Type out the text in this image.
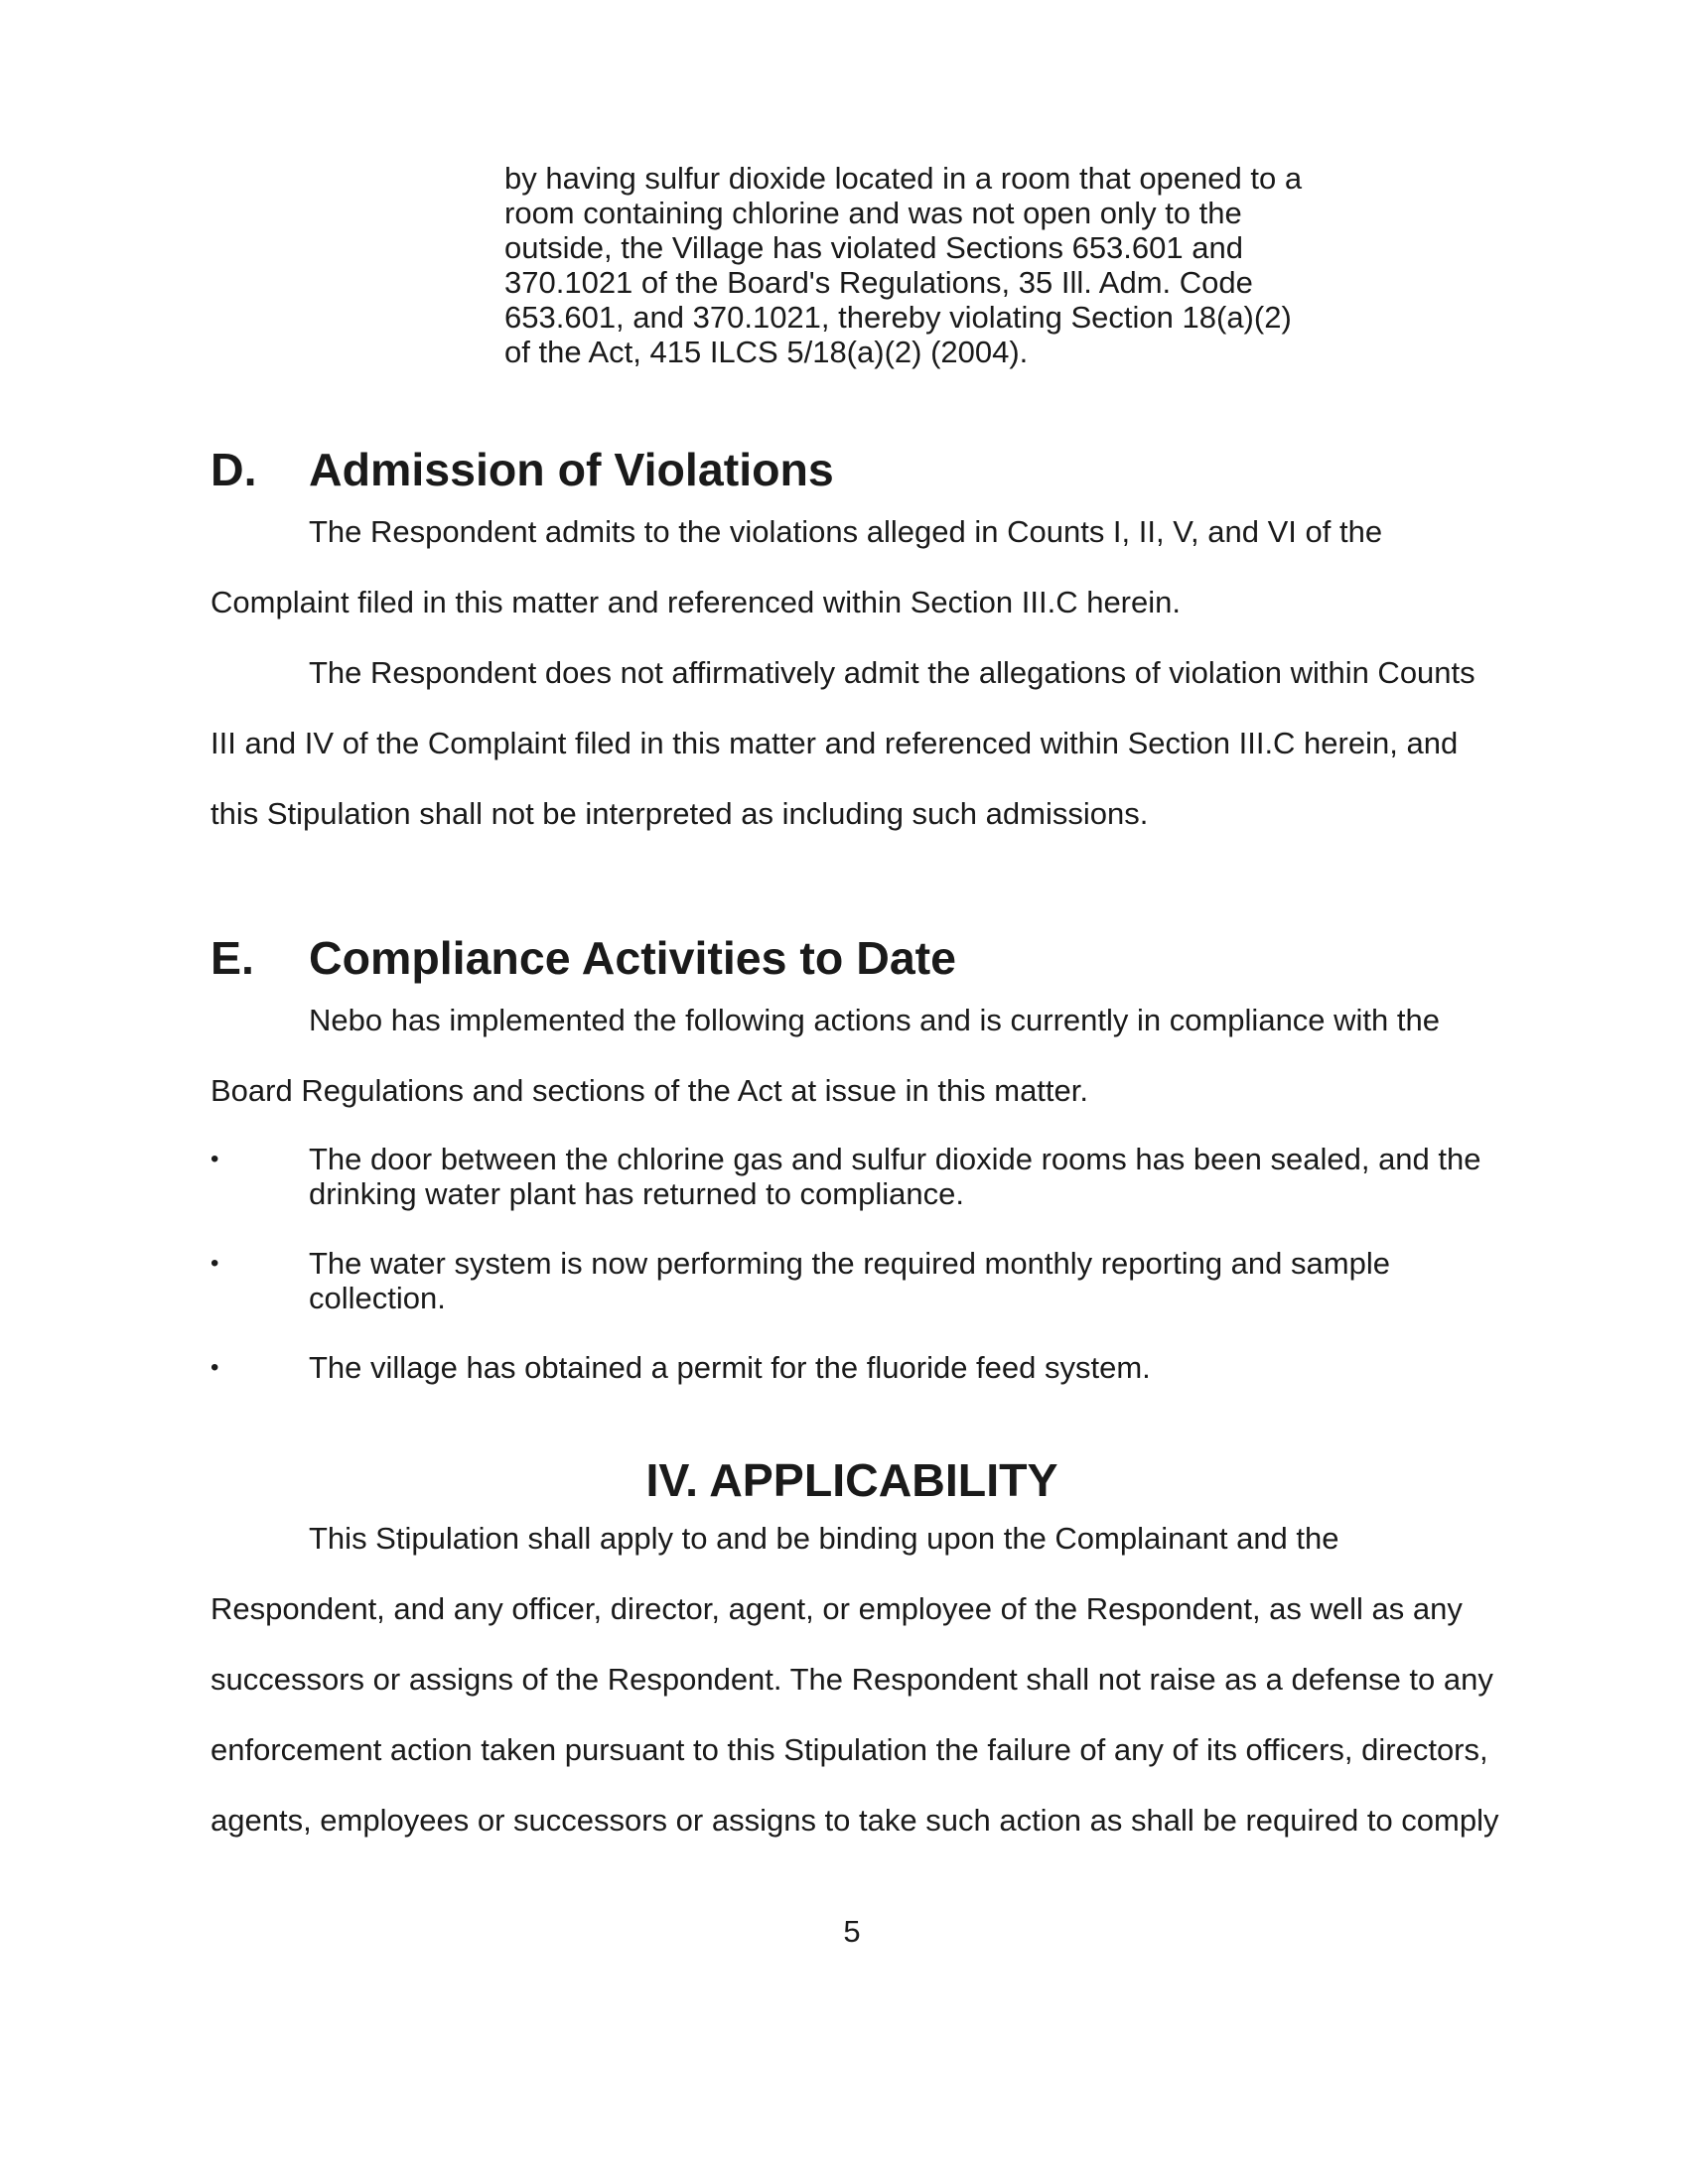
by having sulfur dioxide located in a room that opened to a room containing chlorine and was not open only to the outside, the Village has violated Sections 653.601 and 370.1021 of the Board's Regulations, 35 Ill. Adm. Code 653.601, and 370.1021, thereby violating Section 18(a)(2) of the Act, 415 ILCS 5/18(a)(2) (2004).

D. Admission of Violations

The Respondent admits to the violations alleged in Counts I, II, V, and VI of the Complaint filed in this matter and referenced within Section III.C herein.

The Respondent does not affirmatively admit the allegations of violation within Counts III and IV of the Complaint filed in this matter and referenced within Section III.C herein, and this Stipulation shall not be interpreted as including such admissions.

E. Compliance Activities to Date

Nebo has implemented the following actions and is currently in compliance with the Board Regulations and sections of the Act at issue in this matter.

•	The door between the chlorine gas and sulfur dioxide rooms has been sealed, and the drinking water plant has returned to compliance.
•	The water system is now performing the required monthly reporting and sample collection.
•	The village has obtained a permit for the fluoride feed system.
IV. APPLICABILITY

This Stipulation shall apply to and be binding upon the Complainant and the Respondent, and any officer, director, agent, or employee of the Respondent, as well as any successors or assigns of the Respondent. The Respondent shall not raise as a defense to any enforcement action taken pursuant to this Stipulation the failure of any of its officers, directors, agents, employees or successors or assigns to take such action as shall be required to comply

5
